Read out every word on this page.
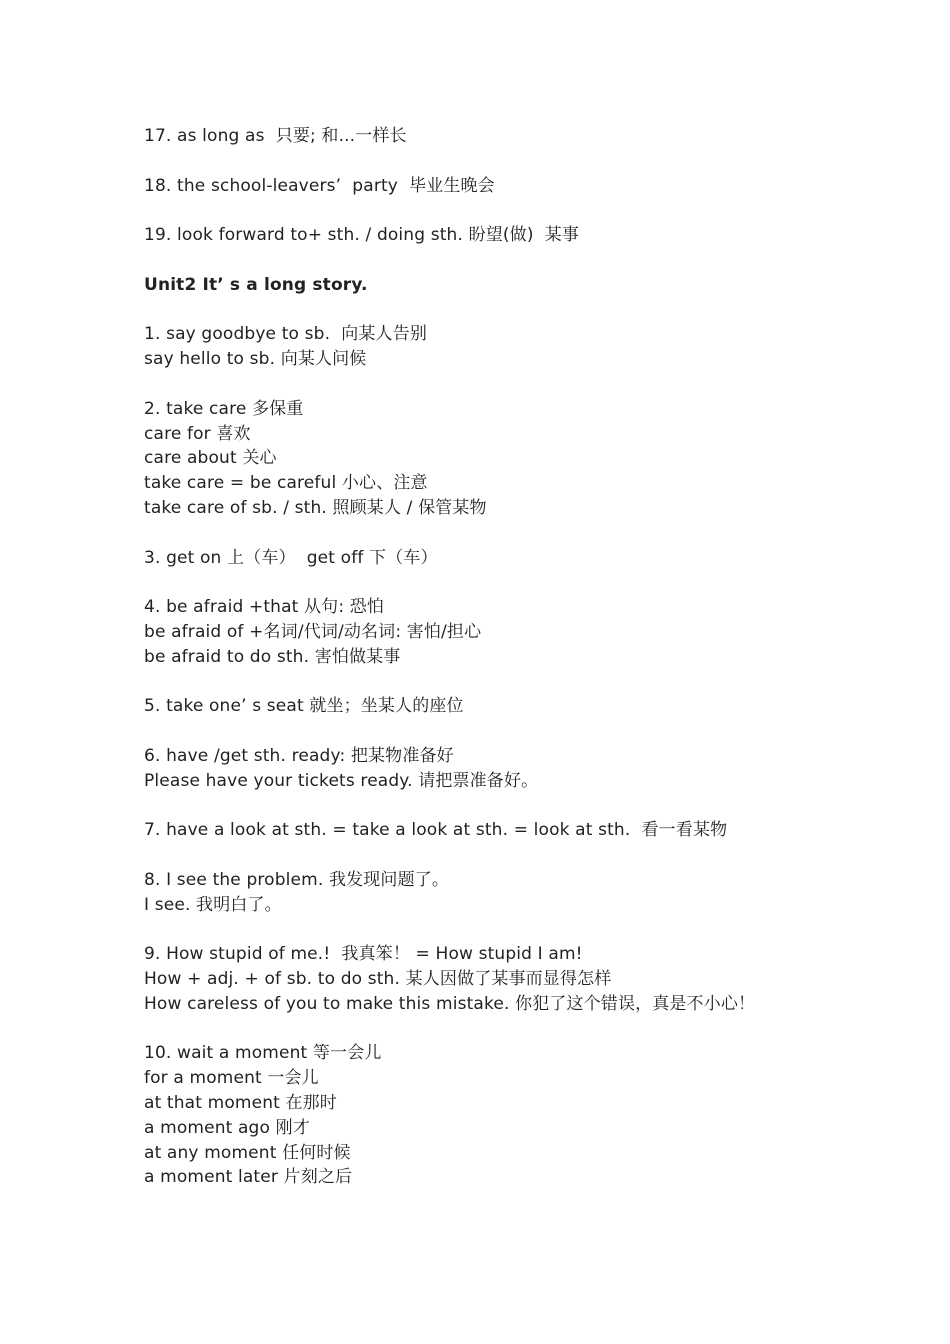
17. as long as  只要; 和...一样长
18. the school-leavers’  party  毕业生晚会
19. look forward to+ sth. / doing sth. 盼望(做)  某事
Unit2 It’ s a long story.
1. say goodbye to sb.  向某人告别
say hello to sb. 向某人问候
2. take care 多保重
care for 喜欢
care about 关心
take care = be careful 小心、注意
take care of sb. / sth. 照顾某人 / 保管某物
3. get on 上（车）  get off 下（车）
4. be afraid +that 从句: 恐怕
be afraid of +名词/代词/动名词: 害怕/担心
be afraid to do sth. 害怕做某事
5. take one’ s seat 就坐；坐某人的座位
6. have /get sth. ready: 把某物准备好
Please have your tickets ready. 请把票准备好。
7. have a look at sth. = take a look at sth. = look at sth.  看一看某物
8. I see the problem. 我发现问题了。
I see. 我明白了。
9. How stupid of me.!  我真笨！ = How stupid I am!
How + adj. + of sb. to do sth. 某人因做了某事而显得怎样
How careless of you to make this mistake. 你犯了这个错误，真是不小心！
10. wait a moment 等一会儿
for a moment 一会儿
at that moment 在那时
a moment ago 刚才
at any moment 任何时候
a moment later 片刻之后
